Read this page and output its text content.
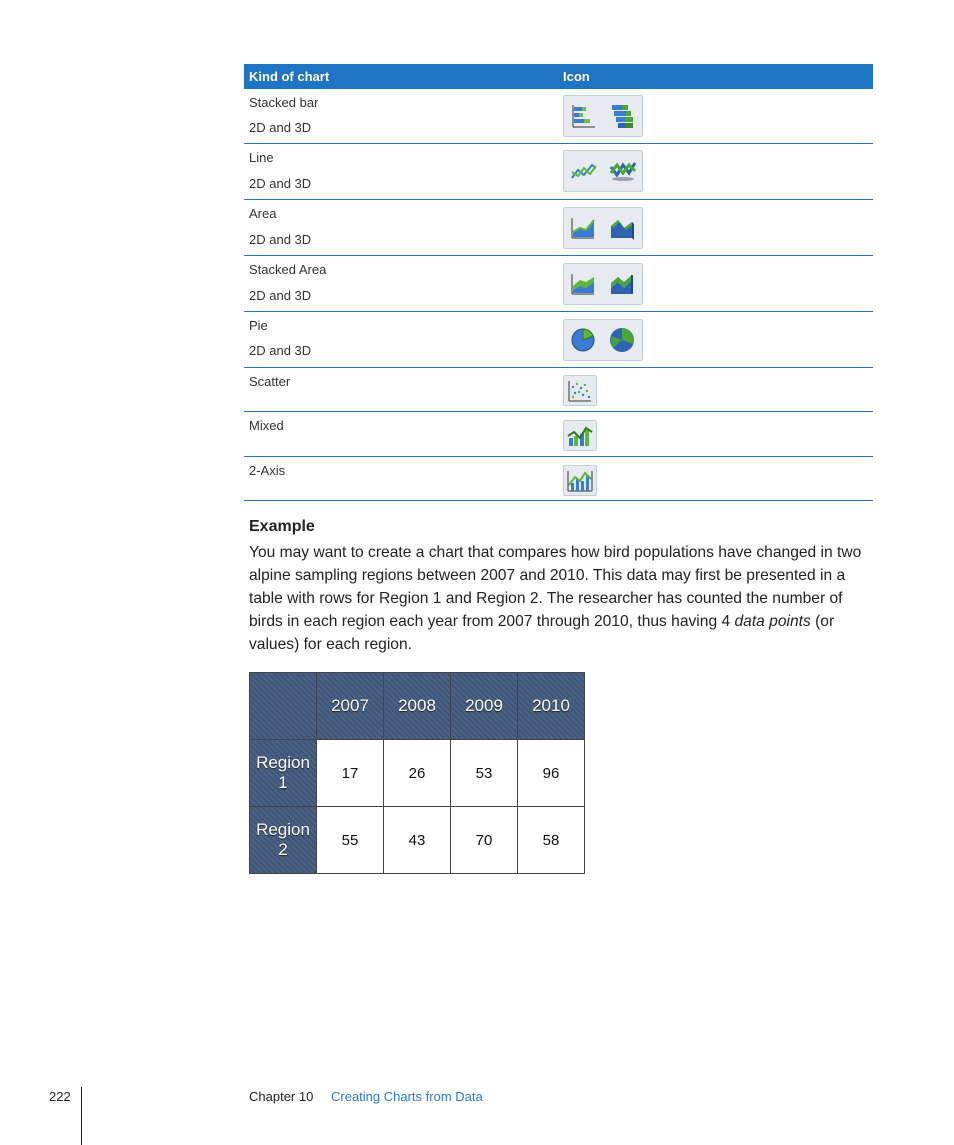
Kind of chart	Icon
Stacked bar
2D and 3D
Line
2D and 3D
Area
2D and 3D
Stacked Area
2D and 3D
Pie
2D and 3D
Scatter
Mixed
2-Axis
Example

You may want to create a chart that compares how bird populations have changed in two alpine sampling regions between 2007 and 2010. This data may first be presented in a table with rows for Region 1 and Region 2. The researcher has counted the number of birds in each region each year from 2007 through 2010, thus having 4 data points (or values) for each region.

	2007	2008	2009	2010
Region
1	17	26	53	96
Region
2	55	43	70	58
222	Chapter 10 Creating Charts from Data
